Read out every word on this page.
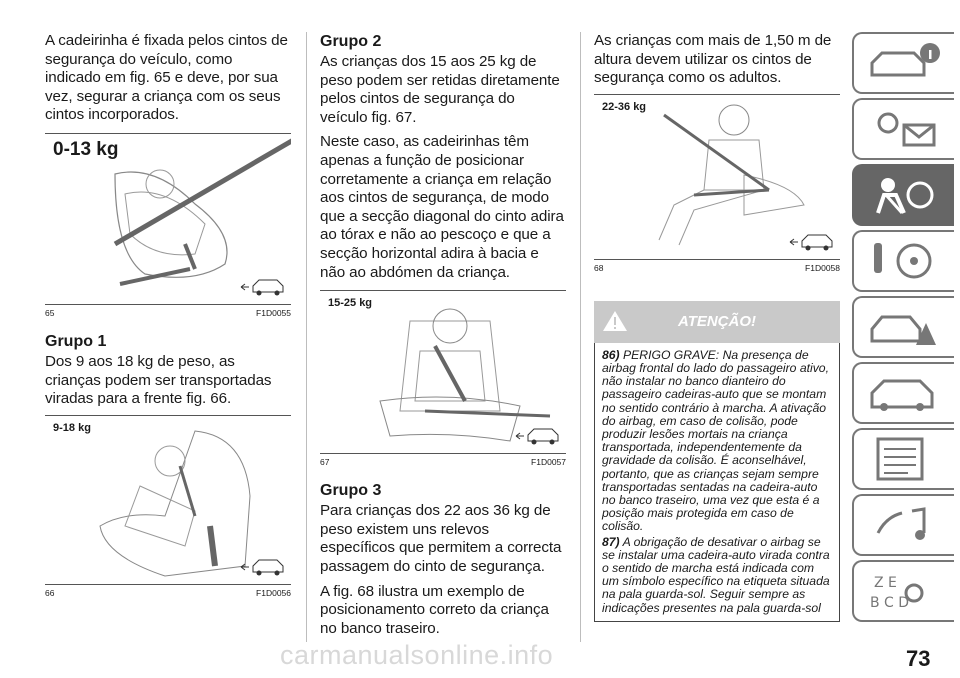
A cadeirinha é fixada pelos cintos de segurança do veículo, como indicado em fig. 65 e deve, por sua vez, segurar a criança com os seus cintos incorporados.

0-13 kg
65	F1D0055
Grupo 1

Dos 9 aos 18 kg de peso, as crianças podem ser transportadas viradas para a frente fig. 66.

9-18 kg
66	F1D0056
Grupo 2

As crianças dos 15 aos 25 kg de peso podem ser retidas diretamente pelos cintos de segurança do veículo fig. 67.

Neste caso, as cadeirinhas têm apenas a função de posicionar corretamente a criança em relação aos cintos de segurança, de modo que a secção diagonal do cinto adira ao tórax e não ao pescoço e que a secção horizontal adira à bacia e não ao abdómen da criança.

15-25 kg
67	F1D0057
Grupo 3

Para crianças dos 22 aos 36 kg de peso existem uns relevos específicos que permitem a correcta passagem do cinto de segurança.

A fig. 68 ilustra um exemplo de posicionamento correto da criança no banco traseiro.

As crianças com mais de 1,50 m de altura devem utilizar os cintos de segurança como os adultos.

22-36 kg
68	F1D0058
ATENÇÃO!

86) PERIGO GRAVE: Na presença de airbag frontal do lado do passageiro ativo, não instalar no banco dianteiro do passageiro cadeiras-auto que se montam no sentido contrário à marcha. A ativação do airbag, em caso de colisão, pode produzir lesões mortais na criança transportada, independentemente da gravidade da colisão. É aconselhável, portanto, que as crianças sejam sempre transportadas sentadas na cadeira-auto no banco traseiro, uma vez que esta é a posição mais protegida em caso de colisão.

87) A obrigação de desativar o airbag se se instalar uma cadeira-auto virada contra o sentido de marcha está indicada com um símbolo específico na etiqueta situada na pala guarda-sol. Seguir sempre as indicações presentes na pala guarda-sol

Z E
B C D
carmanualsonline.info	73
